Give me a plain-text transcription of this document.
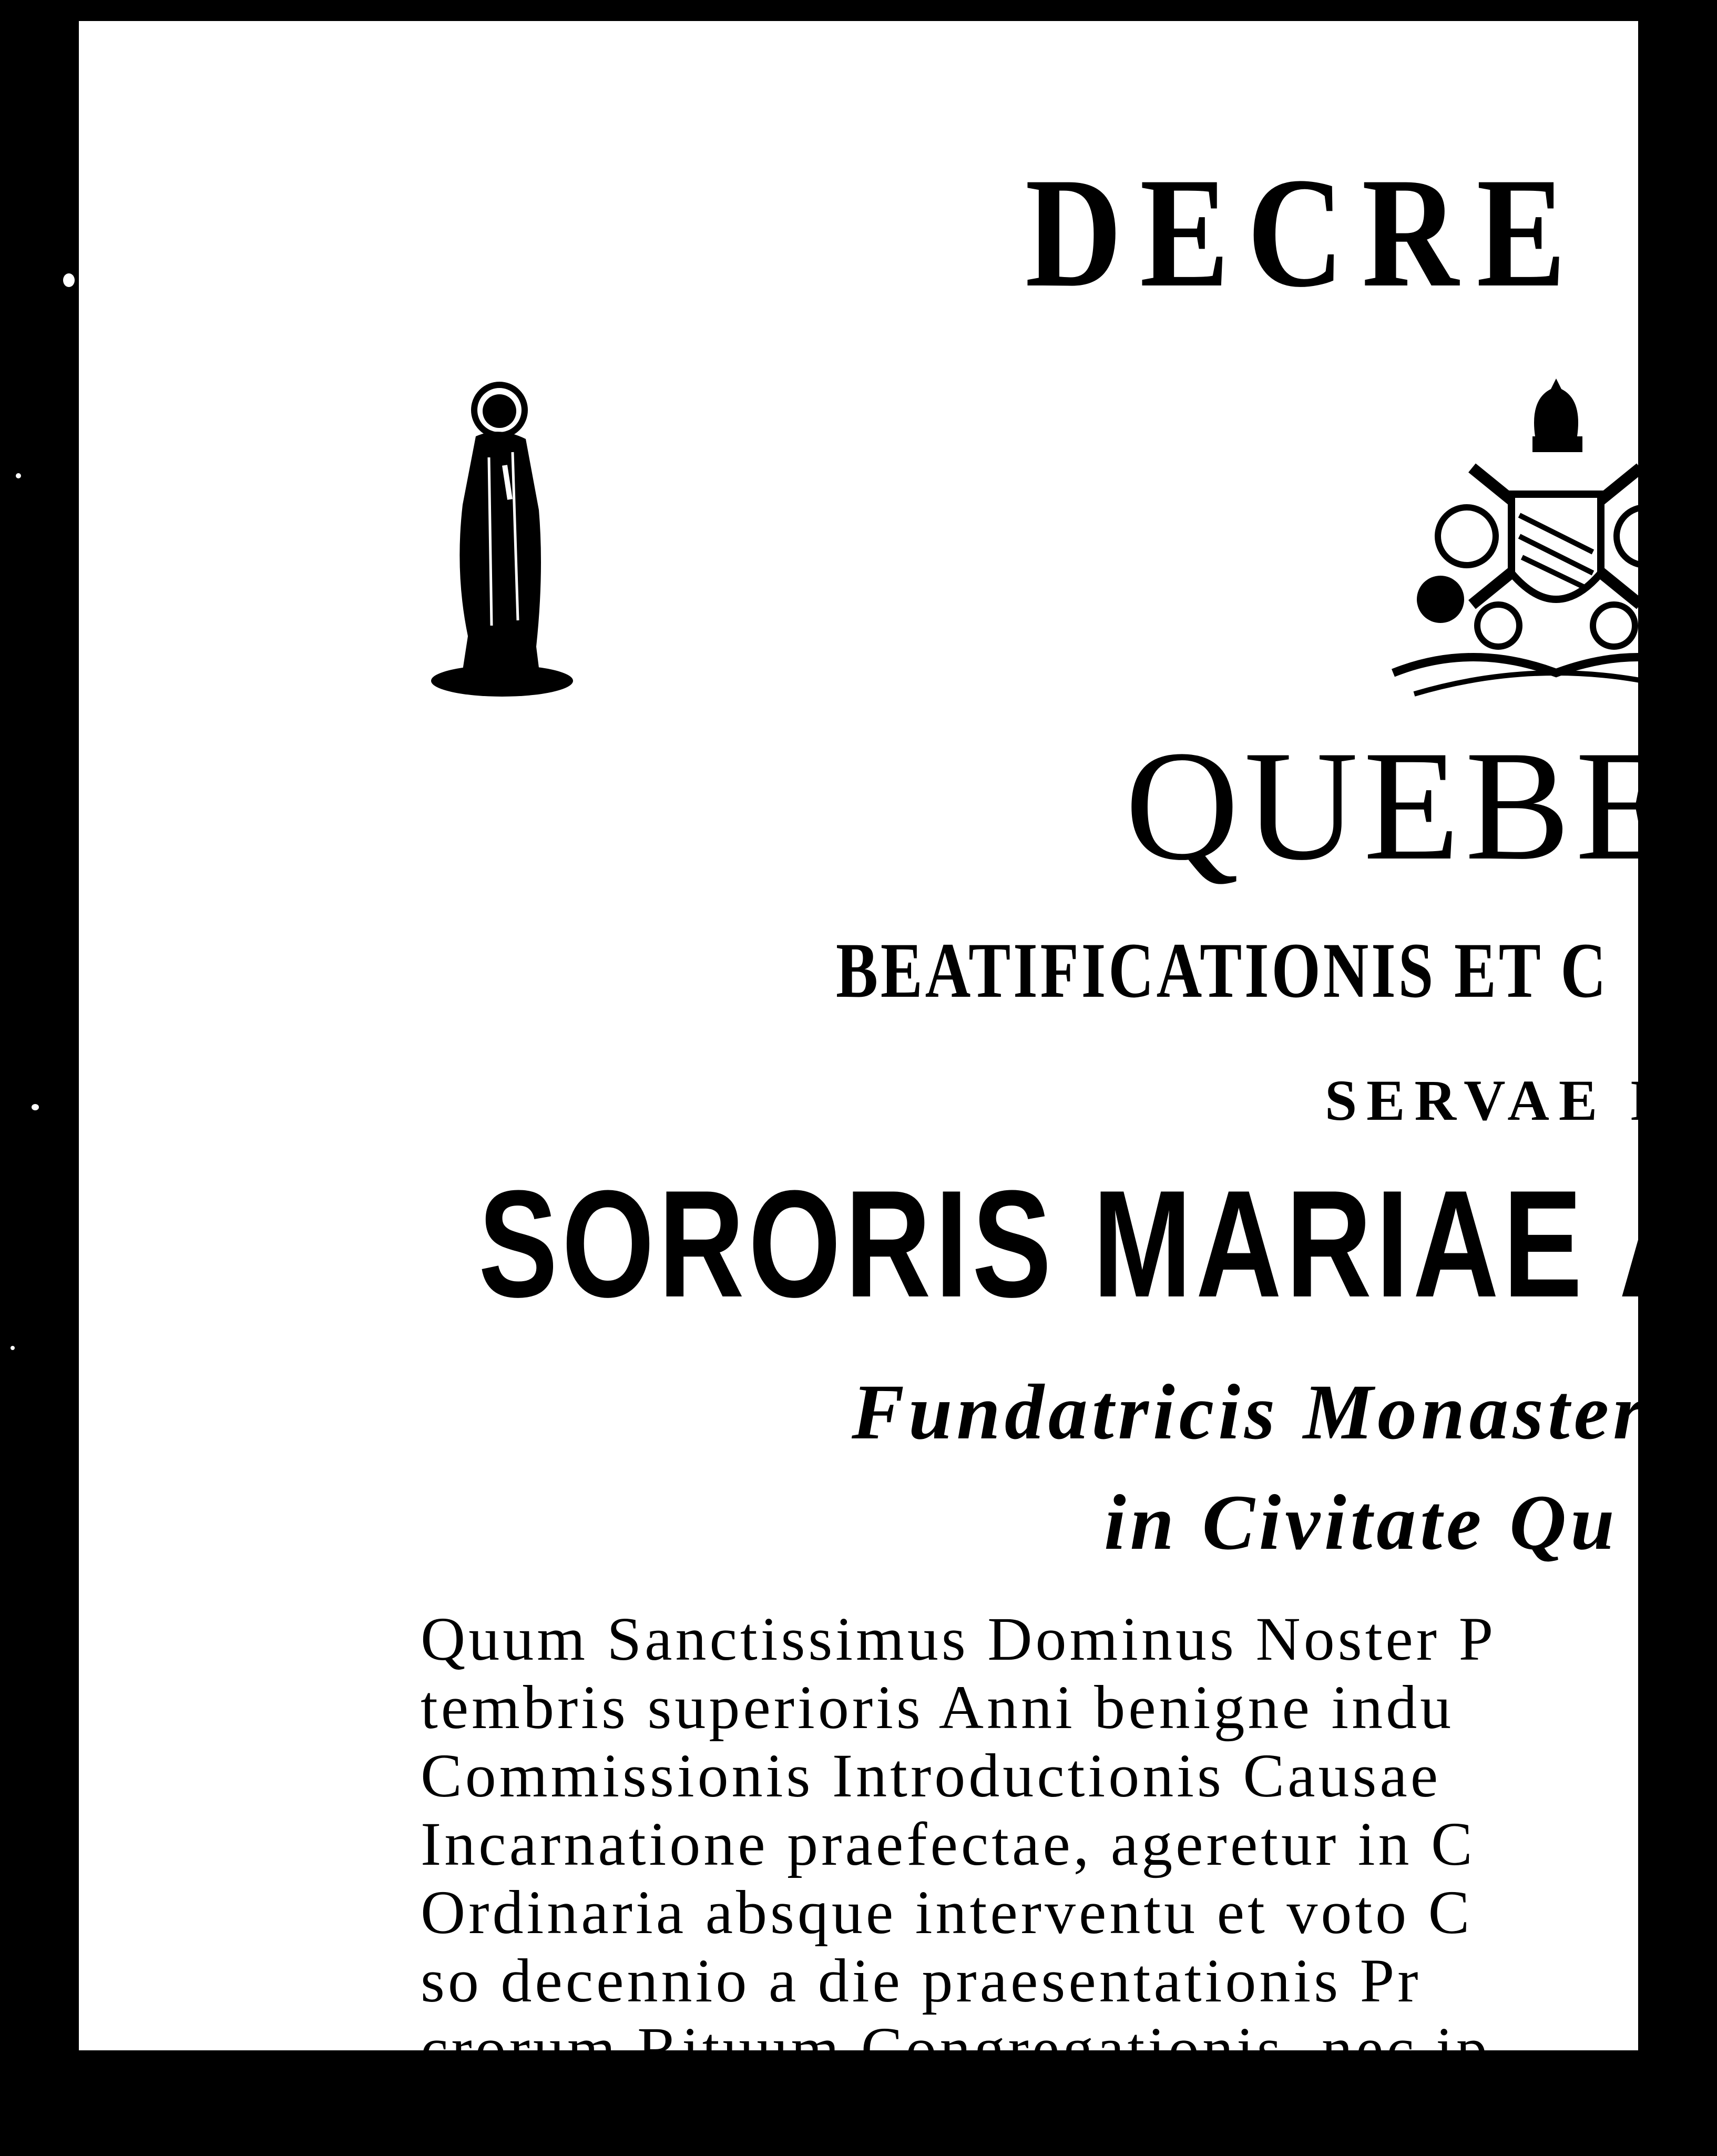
DECRE
QUEBE
BEATIFICATIONIS ET C
SERVAE D
SORORIS MARIAE A
Fundatricis Monaster
in Civitate Qu
Quum Sanctissimus Dominus Noster P
tembris superioris Anni benigne indu
Commissionis Introductionis Causae
Incarnatione praefectae, ageretur in C
Ordinaria absque interventu et voto C
so decennio a die praesentationis Pr
crorum Rituum Congregationis, nec ip
incarnatione praefectae, ageretur in
